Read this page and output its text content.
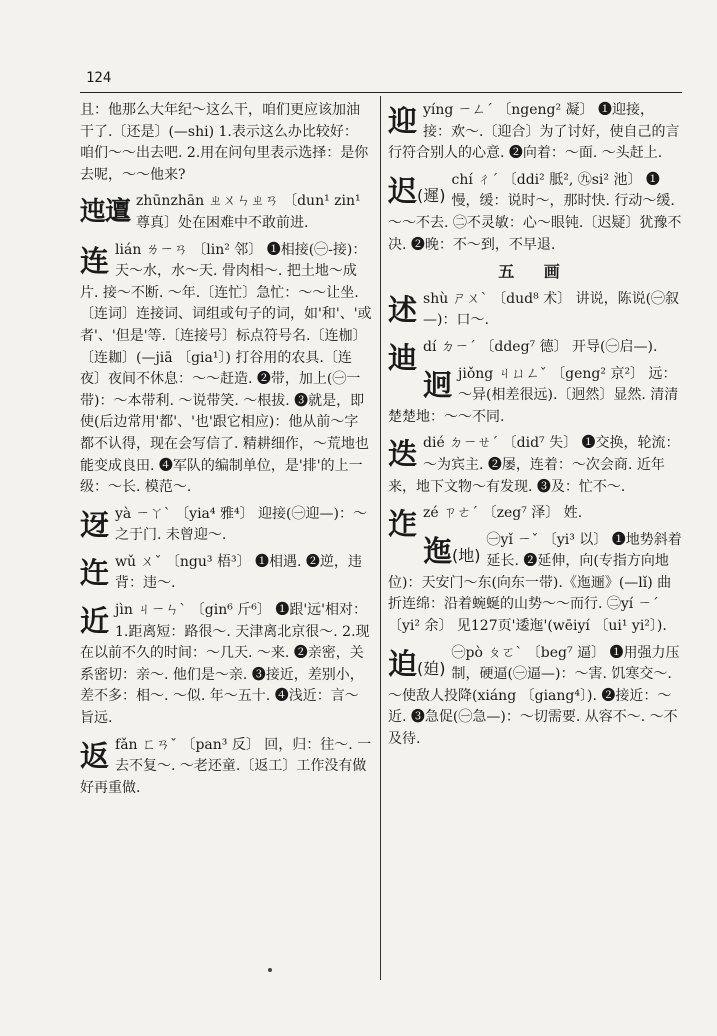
124

且：他那么大年纪～这么干，咱们更应该加油干了.〔还是〕(—shi) 1.表示这么办比较好： 咱们～～出去吧. 2.用在问句里表示选择：是你去呢，～～他来?

迍邅 zhūnzhān ㄓㄨㄣㄓㄢ 〔dun¹ zin¹尊真〕处在困难中不敢前进.

连 lián ㄌㄧㄢ 〔lin² 邻〕 ❶相接(㊀-接)：天～水，水～天. 骨肉相～. 把土地～成片. 接～不断. ～年.〔连忙〕急忙：～～让坐.〔连词〕连接词、词组或句子的词，如'和'、'或者'、'但是'等.〔连接号〕标点符号名.〔连枷〕〔连耞〕(—jiā 〔gia¹〕) 打谷用的农具.〔连夜〕夜间不休息：～～赶造. ❷带，加上(㊀一带)：～本带利. ～说带笑. ～根拔. ❸就是，即使(后边常用'都'、'也'跟它相应)：他从前～字都不认得，现在会写信了. 精耕细作，～荒地也能变成良田. ❹军队的编制单位，是'排'的上一级：～长. 模范～.

迓 yà ㄧㄚˋ 〔yia⁴ 雅⁴〕 迎接(㊀迎—)：～之于门. 未曾迎～.

迕 wǔ ㄨˇ 〔ngu³ 梧³〕 ❶相遇. ❷逆，违背：违～.

近 jìn ㄐㄧㄣˋ 〔gin⁶ 斤⁶〕 ❶跟'远'相对：1.距离短：路很～. 天津离北京很～. 2.现在以前不久的时间：～几天. ～来. ❷亲密，关系密切：亲～. 他们是～亲. ❸接近，差别小，差不多：相～. ～似. 年～五十. ❹浅近：言～旨远.

返 fǎn ㄈㄢˇ 〔pan³ 反〕 回，归：往～. 一去不复～. ～老还童.〔返工〕工作没有做好再重做.

迎 yíng ㄧㄥˊ 〔ngeng² 凝〕 ❶迎接，接：欢～.〔迎合〕为了讨好，使自己的言行符合别人的心意. ❷向着：～面. ～头赶上.

迟(遲)

chí ㄔˊ 〔ddi² 胝², ㊈si² 池〕 ❶慢，缓：说时～，那时快. 行动～缓. ～～不去. ㊁不灵敏：心～眼钝.〔迟疑〕犹豫不决. ❷晚：不～到，不早退.

五 画
述 shù ㄕㄨˋ 〔dud⁸ 术〕 讲说，陈说(㊀叙—)：口～.

迪 dí ㄉㄧˊ 〔ddeg⁷ 德〕 开导(㊀启—).

迥 jiǒng ㄐㄩㄥˇ 〔geng² 京²〕 远：～异(相差很远).〔迥然〕显然. 清清楚楚地：～～不同.

迭 dié ㄉㄧㄝˊ 〔did⁷ 失〕 ❶交换，轮流：～为宾主. ❷屡，连着：～次会商. 近年来，地下文物～有发现. ❸及：忙不～.

迮 zé ㄗㄜˊ 〔zeg⁷ 泽〕 姓.

迤(地)

㊀yǐ ㄧˇ 〔yi³ 以〕 ❶地势斜着延长. ❷延伸，向(专指方向地位)：天安门～东(向东一带).《迤逦》(—lǐ) 曲折连绵：沿着蜿蜒的山势～～而行. ㊁yí ㄧˊ 〔yi² 余〕 见127页'逶迤'(wēiyí 〔ui¹ yi²〕).

迫(廹)

㊀pò ㄆㄛˋ 〔beg⁷ 逼〕 ❶用强力压制，硬逼(㊀逼—)：～害. 饥寒交～. ～使敌人投降(xiáng 〔giang⁴〕). ❷接近：～近. ❸急促(㊀急—)：～切需要. 从容不～. ～不及待.
